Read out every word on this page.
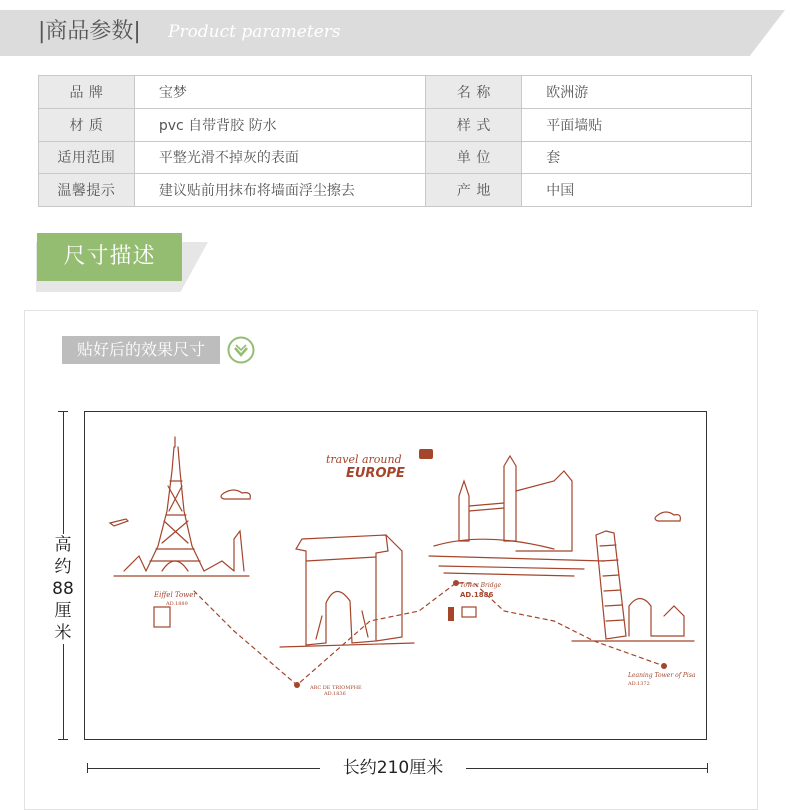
|商品参数| Product parameters
品 牌	宝梦	名 称	欧洲游
材 质	pvc 自带背胶 防水	样 式	平面墙贴
适用范围	平整光滑不掉灰的表面	单 位	套
温馨提示	建议贴前用抹布将墙面浮尘擦去	产 地	中国
尺寸描述
贴好后的效果尺寸
travel around
EUROPE
Eiffel Tower
AD.1889
ARC DE TRIOMPHE
AD.1836
Tower Bridge
AD.1886
Leaning Tower of Pisa
AD.1372
高约88厘米
长约210厘米
